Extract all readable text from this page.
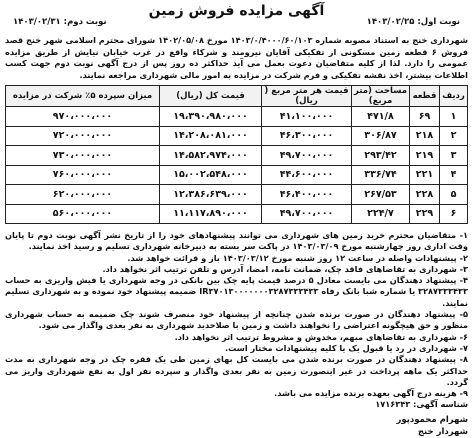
آگهی مزایده فروش زمین
نوبت اول: ۱۴۰۳/۰۲/۲۵
نوبت دوم: ۱۴۰۳/۰۲/۳۱
شهرداری خنج به استناد مصوبه شماره ۱۴۰۳/۰/۴۰۰۰/۶۰/۱۰۳ مورخ ۱۴۰۲/۰۵/۰۸ شورای محترم اسلامی شهر خنج قصد فروش ۶ قطعه زمین مسکونی از تفکیکی آقایان نیرومند و شرکاء واقع در غرب خیابان نیایش از طریق مزایده عمومی را دارد. لذا از کلیه متقاضیان دعوت بعمل می آید حداکثر ده روز پس از درج آگهی نوبت دوم جهت کسب اطلاعات بیشتر، اخذ نقشه تفکیکی و فرم شرکت در مزایده به امور مالی شهرداری مراجعه نمایند.
ردیف	قطعه	مساحت (متر مربع)	قیمت هر متر مربع ( ریال)	قیمت کل (ریال)	میزان سپرده ۵٪ شرکت در مزایده
۱	۶۹	۴۷۱/۸	۴۱،۱۰۰،۰۰۰	۱۹،۳۹۰،۹۸۰،۰۰۰	۹۷۰،۰۰۰،۰۰۰
۲	۲۱۸	۳۰۶/۸۷	۴۶،۳۰۰،۰۰۰	۱۴،۲۰۸،۰۸۱،۰۰۰	۷۲۰،۰۰۰،۰۰۰
۳	۲۱۹	۲۹۳/۴۲	۴۹،۷۰۰،۰۰۰	۱۴،۵۸۲،۹۷۴،۰۰۰	۷۳۰،۰۰۰،۰۰۰
۴	۲۲۱	۳۳۶/۷۴	۴۴،۶۰۰،۰۰۰	۱۵،۰۰۲،۵۴۸،۰۰۰	۷۶۰،۰۰۰،۰۰۰
۵	۲۲۸	۲۶۷/۵۳	۴۶،۴۰۰،۰۰۰	۱۲،۳۸۶،۶۳۹،۰۰۰	۶۲۰،۰۰۰،۰۰۰
۶	۲۲۹	۲۲۴/۷	۴۹،۷۰۰،۰۰۰	۱۱،۱۱۷،۸۹۰،۰۰۰	۵۶۰،۰۰۰،۰۰۰

۱- متقاضیان محترم خرید زمین های شهرداری می توانند پیشنهادهای خود را از تاریخ نشر آگهی نوبت دوم تا پایان وقت اداری روز چهارشنبه مورخ ۱۴۰۳/۰۳/۰۹ در پاکت سر بسته به دبیرخانه شهرداری تسلیم و رسید اخذ نمایند.

۲- پیشنهادات واصله در ساعت ۱۲ روز شنبه مورخ ۱۴۰۳/۰۳/۱۲ باز و قرائت خواهد شد.

۳- شهرداری به تقاضاهای فاقد چک، ضمانت نامه، امضا، آدرس و تلفن ترتیب اثر نخواهد داد.

۴- پیشنهاد دهندگان می بایست معادل ۵ درصد قیمت پایه چک بین بانکی در وجه شهرداری یا فیش واریزی به حساب ۳۲۸۷۳۳۳۴۳۳ یا شماره شبا بانک رفاه IR۳۷۰۱۳۰۰۰۰۰۰۰۳۲۸۷۳۳۳۴۳۳ ضمیمه پیشنهاد خود نموده و به شهرداری تسلیم نمایند.

۵- پیشنهاد دهندگان در صورت برنده شدن چنانچه از پیشنهاد خود منصرف شوند چک ضمیمه به حساب شهرداری منظور و حق هیچگونه اعتراضی را نخواهند داشت و زمین با صلاحدید شهرداری به نفر بعدی واگذار می شود.

۶- شهرداری به تقاضاهای مبهم، مخدوش و مشروط ترتیب اثر نخواهد داد.

۷- شهرداری در رد یا قبول یک یا کلیه پیشنهادات مختار است.

۸- پیشنهاد دهندگان در صورت برنده شدن می بایست کل بهای زمین طی یک فقره چک در وجه شهرداری به مدت حداکثر یک ماهه پرداخت در غیر اینصورت زمین به نفر بعدی واگذار و سپرده نفر اول به نفع شهرداری واریز می گردد.

۹- هزینه درج آگهی بعهده برنده مزایده می باشد.

شناسه آگهی: ۱۷۱۶۳۴۳

شهرام محمودپور
شهردار خنج
